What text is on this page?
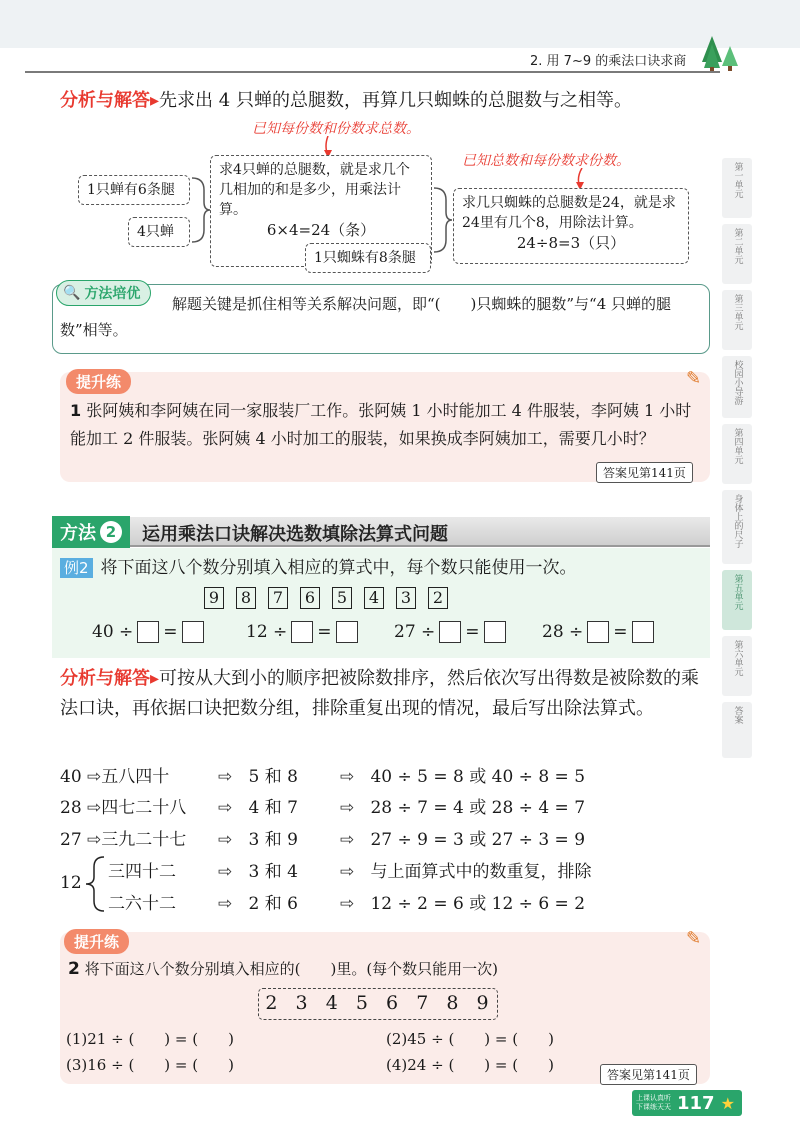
2. 用 7~9 的乘法口诀求商
第一单元
第二单元
第三单元
校园小导游
第四单元
身体上的尺子
第五单元
第六单元
答案
分析与解答▸先求出 4 只蝉的总腿数，再算几只蜘蛛的总腿数与之相等。
已知每份数和份数求总数。
已知总数和每份数求份数。
1只蝉有6条腿
4只蝉
求4只蝉的总腿数，就是求几个几相加的和是多少，用乘法计算。
6×4=24（条）
1只蜘蛛有8条腿
求几只蜘蛛的总腿数是24，就是求24里有几个8，用除法计算。
24÷8=3（只）
🔍 方法培优
解题关键是抓住相等关系解决问题，即“(　　)只蜘蛛的腿数”与“4 只蝉的腿数”相等。
提升练	✎
1 张阿姨和李阿姨在同一家服装厂工作。张阿姨 1 小时能加工 4 件服装，李阿姨 1 小时能加工 2 件服装。张阿姨 4 小时加工的服装，如果换成李阿姨加工，需要几小时？
答案见第141页
方法 2	运用乘法口诀解决选数填除法算式问题
例2 将下面这八个数分别填入相应的算式中，每个数只能使用一次。
9	8	7	6	5	4	3	2
40 ÷ =	12 ÷ =	27 ÷ =	28 ÷ =
分析与解答▸可按从大到小的顺序把被除数排序，然后依次写出得数是被除数的乘法口诀，再依据口诀把数分组，排除重复出现的情况，最后写出除法算式。
40 ⇨五八四十	⇨ 5 和 8 ⇨ 40 ÷ 5 = 8 或 40 ÷ 8 = 5
28 ⇨四七二十八 ⇨ 4 和 7 ⇨ 28 ÷ 7 = 4 或 28 ÷ 4 = 7
27 ⇨三九二十七 ⇨ 3 和 9 ⇨ 27 ÷ 9 = 3 或 27 ÷ 3 = 9
12
三四十二 ⇨ 3 和 4 ⇨ 与上面算式中的数重复，排除
二六十二 ⇨ 2 和 6 ⇨ 12 ÷ 2 = 6 或 12 ÷ 6 = 2
提升练	✎
2 将下面这八个数分别填入相应的(　　)里。(每个数只能用一次)
2  3  4  5  6  7  8  9
(1)21 ÷ (　　) = (　　)	(2)45 ÷ (　　) = (　　)
(3)16 ÷ (　　) = (　　)	(4)24 ÷ (　　) = (　　)
答案见第141页
上课认真听
下课练天天 117 ★
